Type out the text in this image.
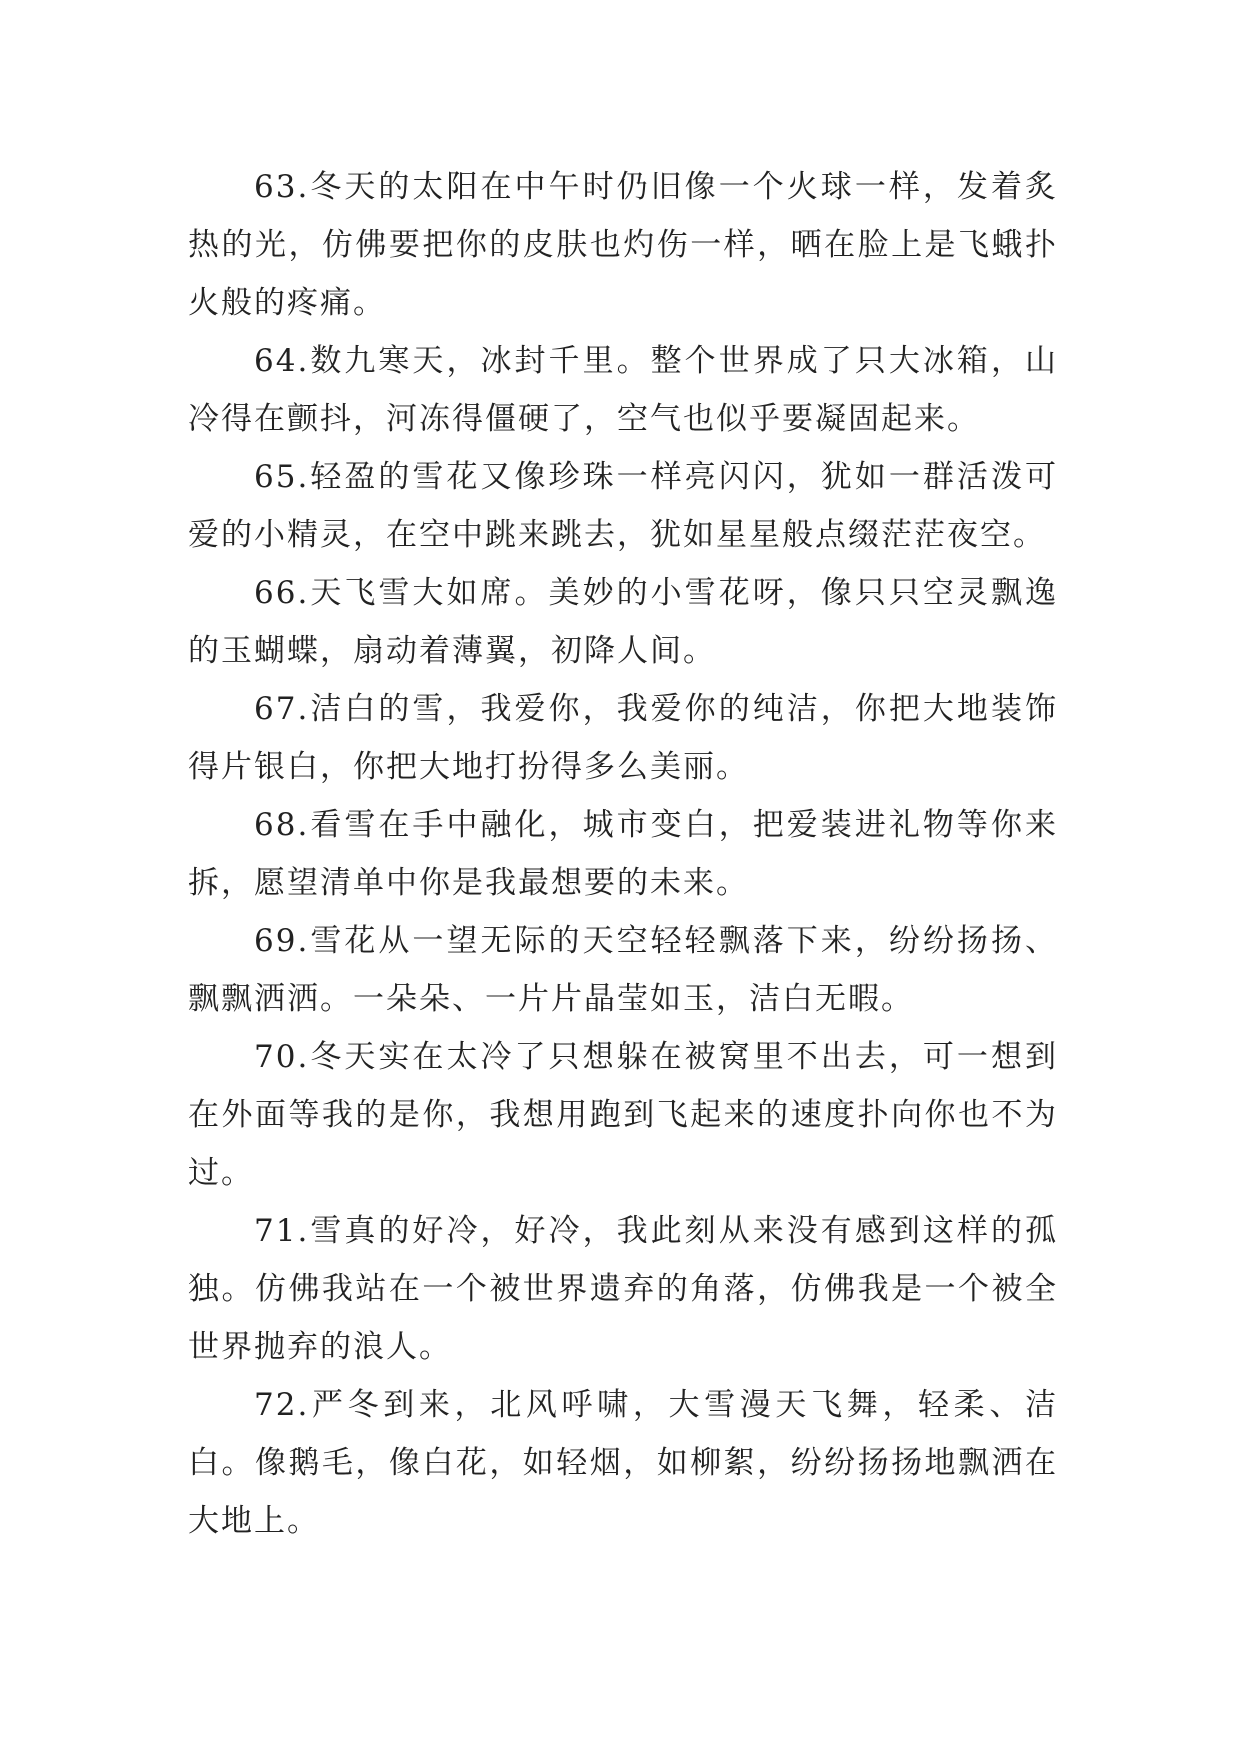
63.冬天的太阳在中午时仍旧像一个火球一样，发着炙热的光，仿佛要把你的皮肤也灼伤一样，晒在脸上是飞蛾扑火般的疼痛。

64.数九寒天，冰封千里。整个世界成了只大冰箱，山冷得在颤抖，河冻得僵硬了，空气也似乎要凝固起来。

65.轻盈的雪花又像珍珠一样亮闪闪，犹如一群活泼可爱的小精灵，在空中跳来跳去，犹如星星般点缀茫茫夜空。

66.天飞雪大如席。美妙的小雪花呀，像只只空灵飘逸的玉蝴蝶，扇动着薄翼，初降人间。

67.洁白的雪，我爱你，我爱你的纯洁，你把大地装饰得片银白，你把大地打扮得多么美丽。

68.看雪在手中融化，城市变白，把爱装进礼物等你来拆，愿望清单中你是我最想要的未来。

69.雪花从一望无际的天空轻轻飘落下来，纷纷扬扬、飘飘洒洒。一朵朵、一片片晶莹如玉，洁白无暇。

70.冬天实在太冷了只想躲在被窝里不出去，可一想到在外面等我的是你，我想用跑到飞起来的速度扑向你也不为过。

71.雪真的好冷，好冷，我此刻从来没有感到这样的孤独。仿佛我站在一个被世界遗弃的角落，仿佛我是一个被全世界抛弃的浪人。

72.严冬到来，北风呼啸，大雪漫天飞舞，轻柔、洁白。像鹅毛，像白花，如轻烟，如柳絮，纷纷扬扬地飘洒在大地上。
